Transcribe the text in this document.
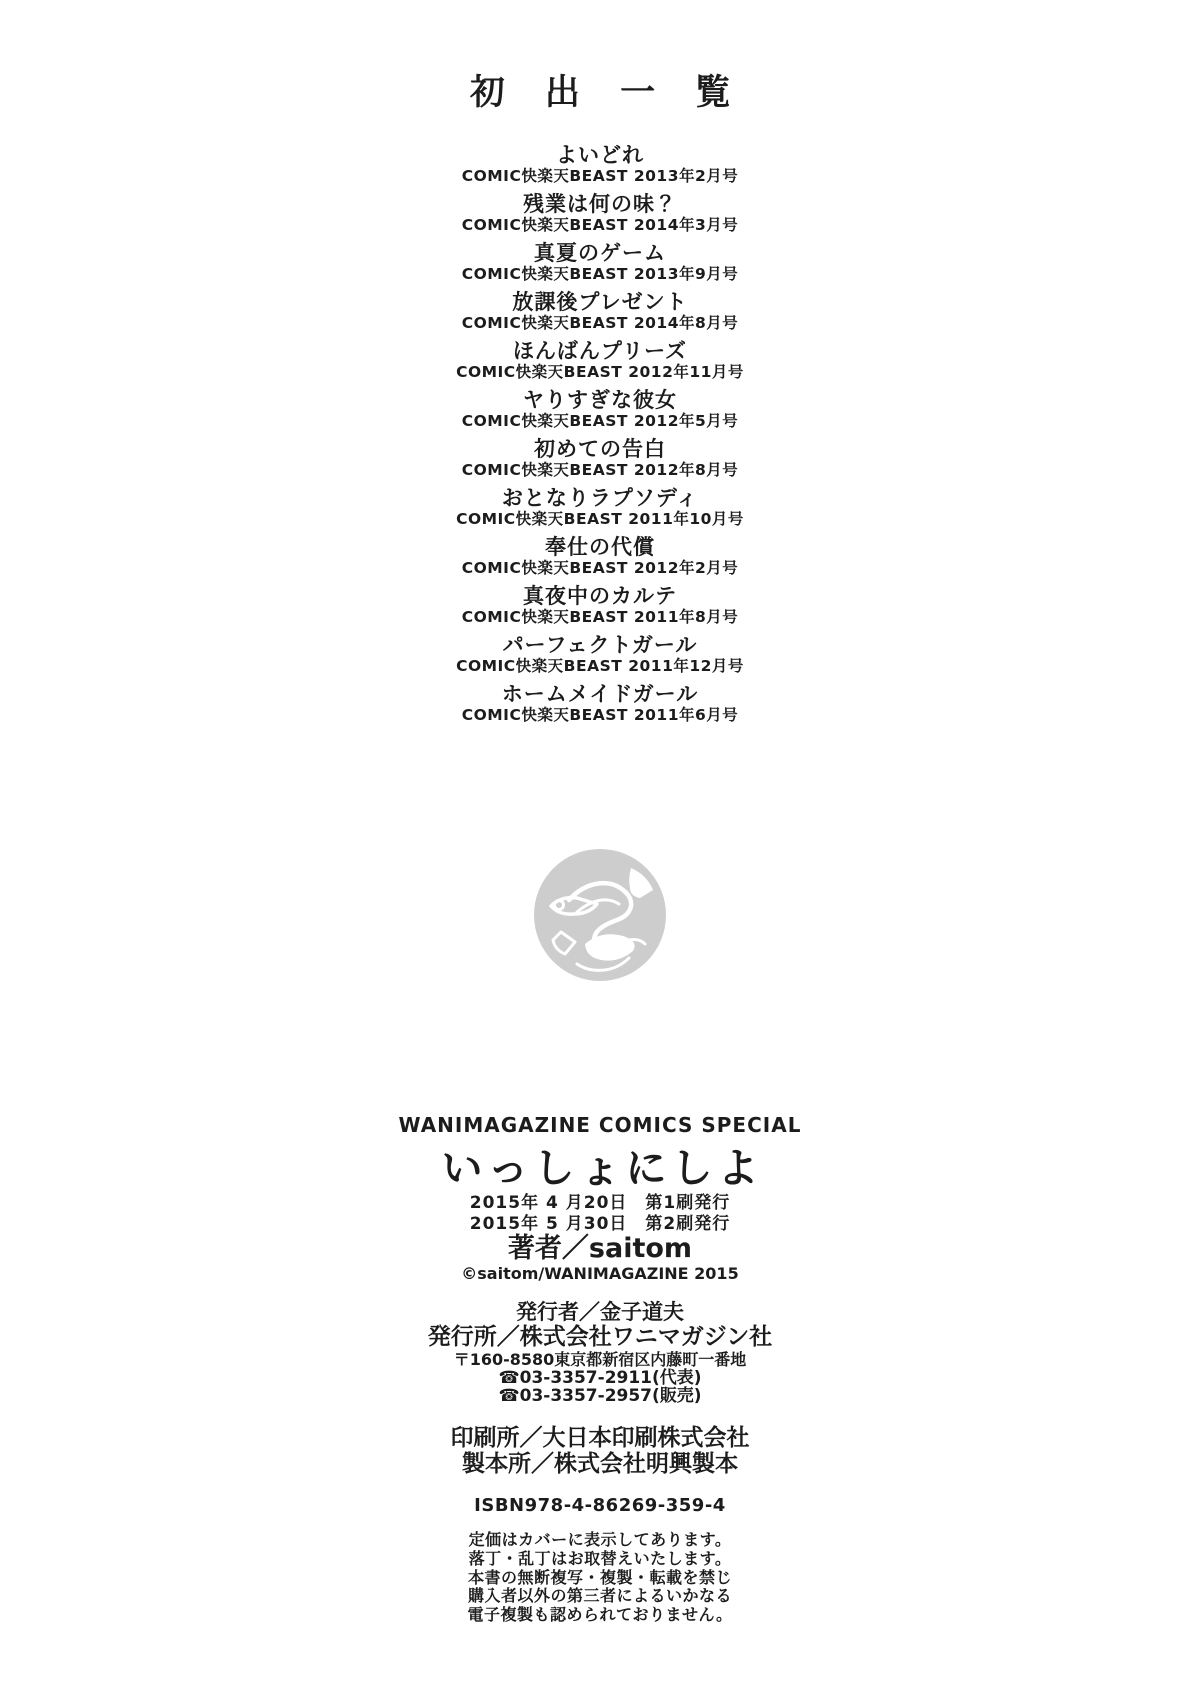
初 出 一 覧
よいどれ
COMIC快楽天BEAST 2013年2月号
残業は何の味？
COMIC快楽天BEAST 2014年3月号
真夏のゲーム
COMIC快楽天BEAST 2013年9月号
放課後プレゼント
COMIC快楽天BEAST 2014年8月号
ほんばんプリーズ
COMIC快楽天BEAST 2012年11月号
ヤりすぎな彼女
COMIC快楽天BEAST 2012年5月号
初めての告白
COMIC快楽天BEAST 2012年8月号
おとなりラプソディ
COMIC快楽天BEAST 2011年10月号
奉仕の代償
COMIC快楽天BEAST 2012年2月号
真夜中のカルテ
COMIC快楽天BEAST 2011年8月号
パーフェクトガール
COMIC快楽天BEAST 2011年12月号
ホームメイドガール
COMIC快楽天BEAST 2011年6月号
WANIMAGAZINE COMICS SPECIAL
いっしょにしよ
2015年 4 月20日　第1刷発行
2015年 5 月30日　第2刷発行
著者／saitom
©saitom/WANIMAGAZINE 2015
発行者／金子道夫
発行所／株式会社ワニマガジン社
〒160-8580東京都新宿区内藤町一番地
☎03-3357-2911(代表)
☎03-3357-2957(販売)
印刷所／大日本印刷株式会社
製本所／株式会社明興製本
ISBN978-4-86269-359-4
定価はカバーに表示してあります。
落丁・乱丁はお取替えいたします。
本書の無断複写・複製・転載を禁じ
購入者以外の第三者によるいかなる
電子複製も認められておりません。
